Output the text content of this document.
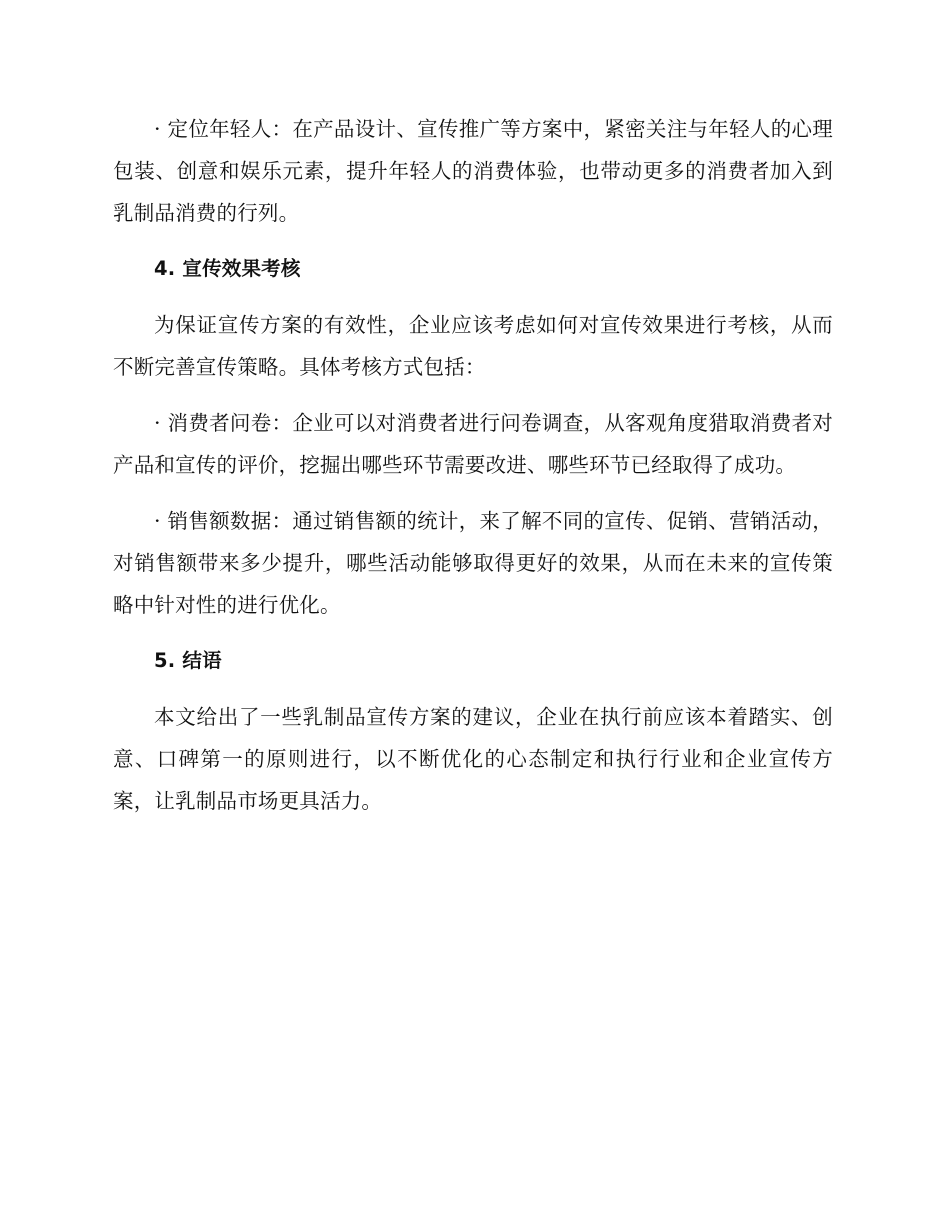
· 定位年轻人：在产品设计、宣传推广等方案中，紧密关注与年轻人的心理包装、创意和娱乐元素，提升年轻人的消费体验，也带动更多的消费者加入到乳制品消费的行列。

4. 宣传效果考核

为保证宣传方案的有效性，企业应该考虑如何对宣传效果进行考核，从而不断完善宣传策略。具体考核方式包括：

· 消费者问卷：企业可以对消费者进行问卷调查，从客观角度猎取消费者对产品和宣传的评价，挖掘出哪些环节需要改进、哪些环节已经取得了成功。

· 销售额数据：通过销售额的统计，来了解不同的宣传、促销、营销活动，对销售额带来多少提升，哪些活动能够取得更好的效果，从而在未来的宣传策略中针对性的进行优化。

5. 结语

本文给出了一些乳制品宣传方案的建议，企业在执行前应该本着踏实、创意、口碑第一的原则进行，以不断优化的心态制定和执行行业和企业宣传方案，让乳制品市场更具活力。
